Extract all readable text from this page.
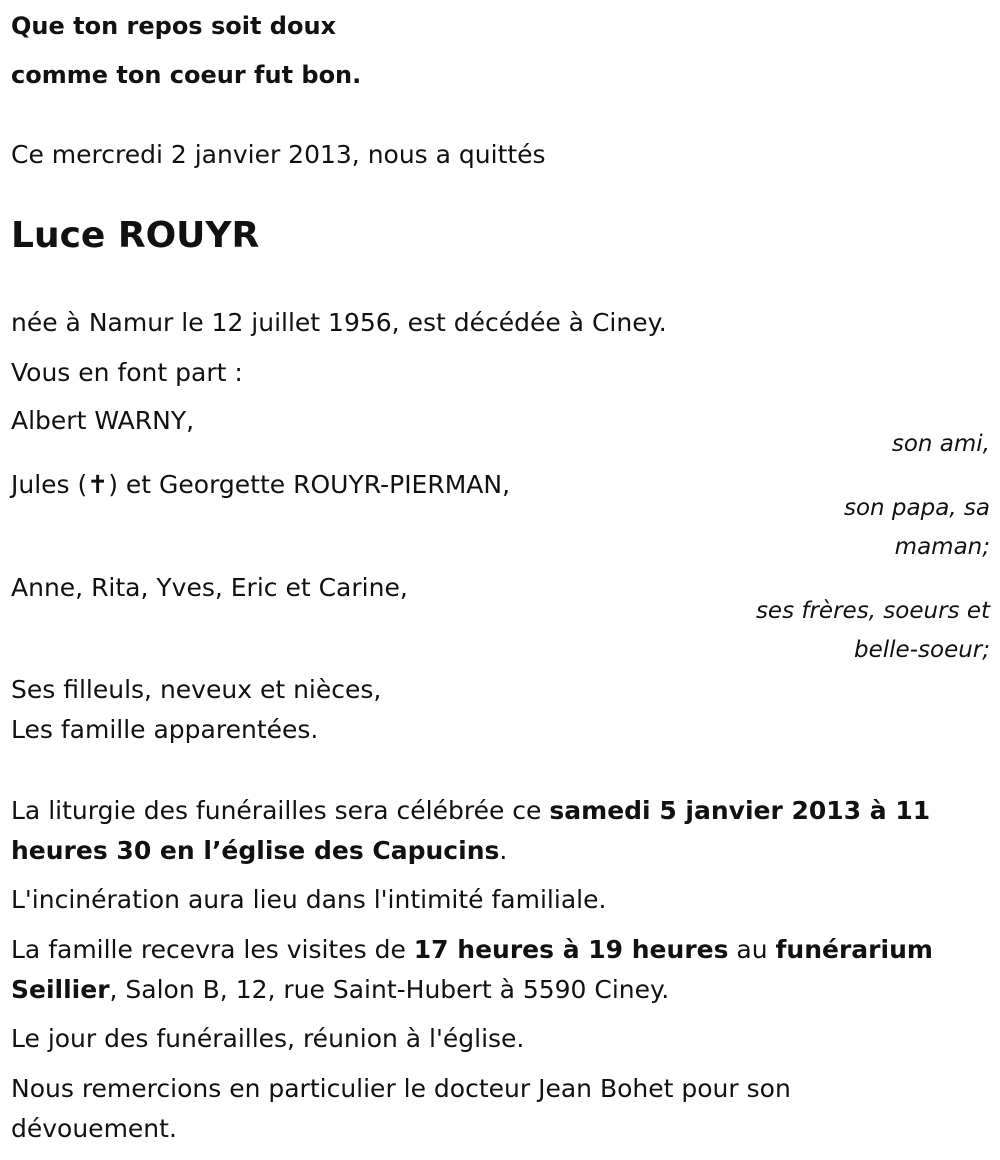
Que ton repos soit doux
comme ton coeur fut bon.
Ce mercredi 2 janvier 2013, nous a quittés
Luce ROUYR
née à Namur le 12 juillet 1956, est décédée à Ciney.
Vous en font part :
Albert WARNY,
son ami,
Jules (✝) et Georgette ROUYR-PIERMAN,
son papa, sa
maman;
Anne, Rita, Yves, Eric et Carine,
ses frères, soeurs et
belle-soeur;
Ses filleuls, neveux et nièces,
Les famille apparentées.
La liturgie des funérailles sera célébrée ce samedi 5 janvier 2013 à 11 heures 30 en l’église des Capucins.
L'incinération aura lieu dans l'intimité familiale.
La famille recevra les visites de 17 heures à 19 heures au funérarium Seillier, Salon B, 12, rue Saint-Hubert à 5590 Ciney.
Le jour des funérailles, réunion à l'église.
Nous remercions en particulier le docteur Jean Bohet pour son dévouement.
